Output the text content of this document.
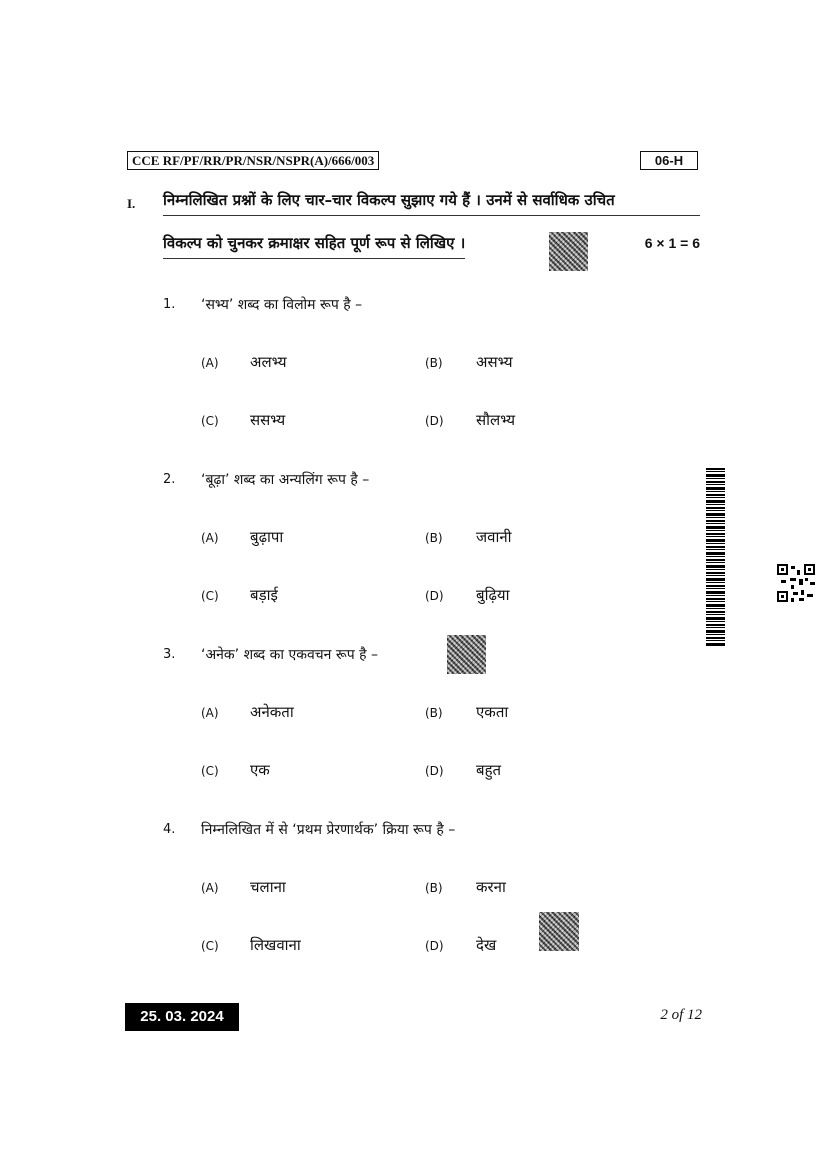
CCE RF/PF/RR/PR/NSR/NSPR(A)/666/003	06-H
I. निम्नलिखित प्रश्नों के लिए चार–चार विकल्प सुझाए गये हैं । उनमें से सर्वाधिक उचित
विकल्प को चुनकर क्रमाक्षर सहित पूर्ण रूप से लिखिए ।	6 × 1 = 6
1. ‘सभ्य’ शब्द का विलोम रूप है –
(A) अलभ्य	(B) असभ्य
(C) ससभ्य	(D) सौलभ्य
2. ‘बूढ़ा’ शब्द का अन्यलिंग रूप है –
(A) बुढ़ापा	(B) जवानी
(C) बड़ाई	(D) बुढ़िया
3. ‘अनेक’ शब्द का एकवचन रूप है –
(A) अनेकता	(B) एकता
(C) एक	(D) बहुत
4. निम्नलिखित में से ‘प्रथम प्रेरणार्थक’ क्रिया रूप है –
(A) चलाना	(B) करना
(C) लिखवाना	(D) देख
25. 03. 2024	2 of 12
